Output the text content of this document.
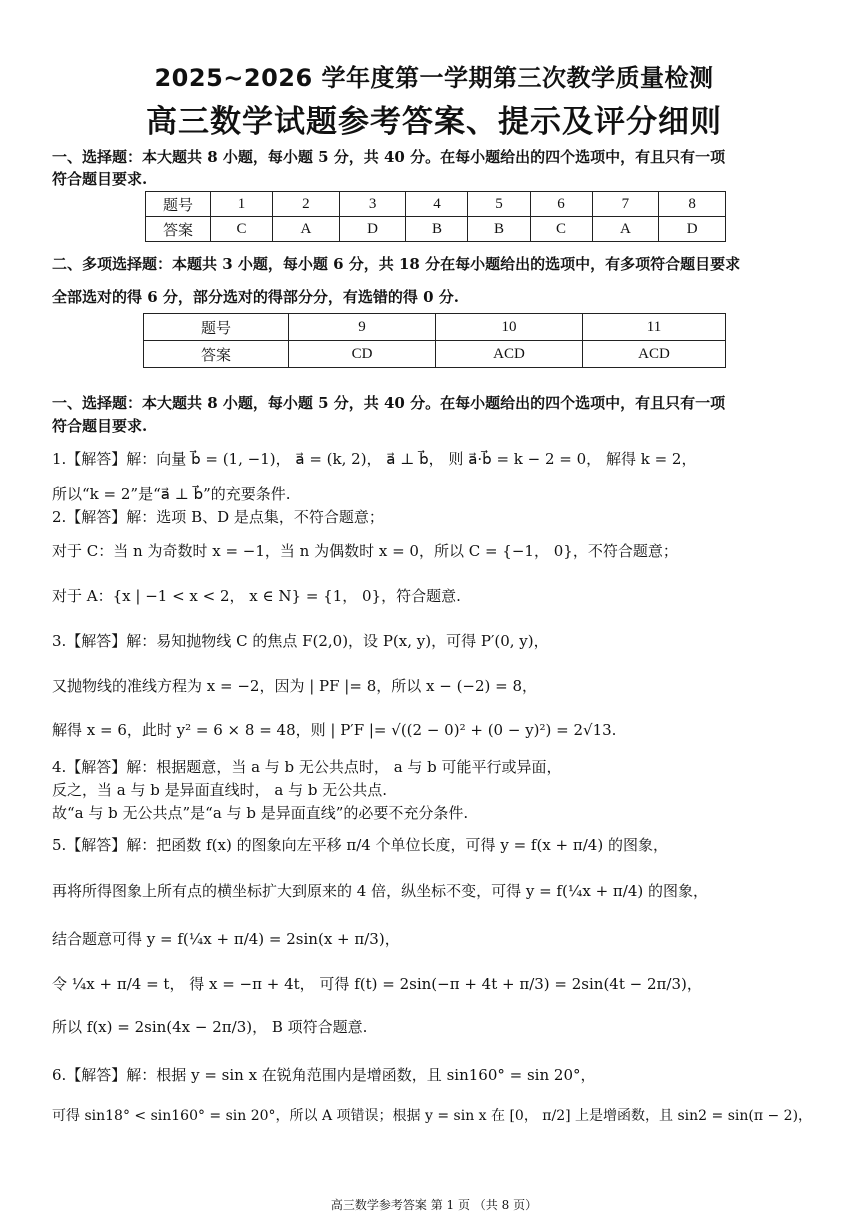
2025~2026 学年度第一学期第三次教学质量检测
高三数学试题参考答案、提示及评分细则
一、选择题：本大题共 8 小题，每小题 5 分，共 40 分。在每小题给出的四个选项中，有且只有一项
符合题目要求.
题号	1	2	3	4	5	6	7	8
答案	C	A	D	B	B	C	A	D
二、多项选择题：本题共 3 小题，每小题 6 分，共 18 分在每小题给出的选项中，有多项符合题目要求
全部选对的得 6 分，部分选对的得部分分，有选错的得 0 分.
题号	9	10	11
答案	CD	ACD	ACD
一、选择题：本大题共 8 小题，每小题 5 分，共 40 分。在每小题给出的四个选项中，有且只有一项
符合题目要求.
1.【解答】解：向量 b⃗ = (1, −1)， a⃗ = (k, 2)， a⃗ ⊥ b⃗， 则 a⃗·b⃗ = k − 2 = 0， 解得 k = 2，
所以“k = 2”是“a⃗ ⊥ b⃗”的充要条件.
2.【解答】解：选项 B、D 是点集，不符合题意；
对于 C：当 n 为奇数时 x = −1，当 n 为偶数时 x = 0，所以 C = {−1， 0}，不符合题意；
对于 A：{x | −1 < x < 2， x ∈ N} = {1， 0}，符合题意.
3.【解答】解：易知抛物线 C 的焦点 F(2,0)，设 P(x, y)，可得 P′(0, y)，
又抛物线的准线方程为 x = −2，因为 | PF |= 8，所以 x − (−2) = 8，
解得 x = 6，此时 y² = 6 × 8 = 48，则 | P′F |= √((2 − 0)² + (0 − y)²) = 2√13.
4.【解答】解：根据题意，当 a 与 b 无公共点时， a 与 b 可能平行或异面，
反之，当 a 与 b 是异面直线时， a 与 b 无公共点.
故“a 与 b 无公共点”是“a 与 b 是异面直线”的必要不充分条件.
5.【解答】解：把函数 f(x) 的图象向左平移 π/4 个单位长度，可得 y = f(x + π/4) 的图象，
再将所得图象上所有点的横坐标扩大到原来的 4 倍，纵坐标不变，可得 y = f(¼x + π/4) 的图象，
结合题意可得 y = f(¼x + π/4) = 2sin(x + π/3)，
令 ¼x + π/4 = t， 得 x = −π + 4t， 可得 f(t) = 2sin(−π + 4t + π/3) = 2sin(4t − 2π/3)，
所以 f(x) = 2sin(4x − 2π/3)， B 项符合题意.
6.【解答】解：根据 y = sin x 在锐角范围内是增函数，且 sin160° = sin 20°，
可得 sin18° < sin160° = sin 20°，所以 A 项错误；根据 y = sin x 在 [0， π/2] 上是增函数，且 sin2 = sin(π − 2)，
高三数学参考答案 第 1 页 （共 8 页）
